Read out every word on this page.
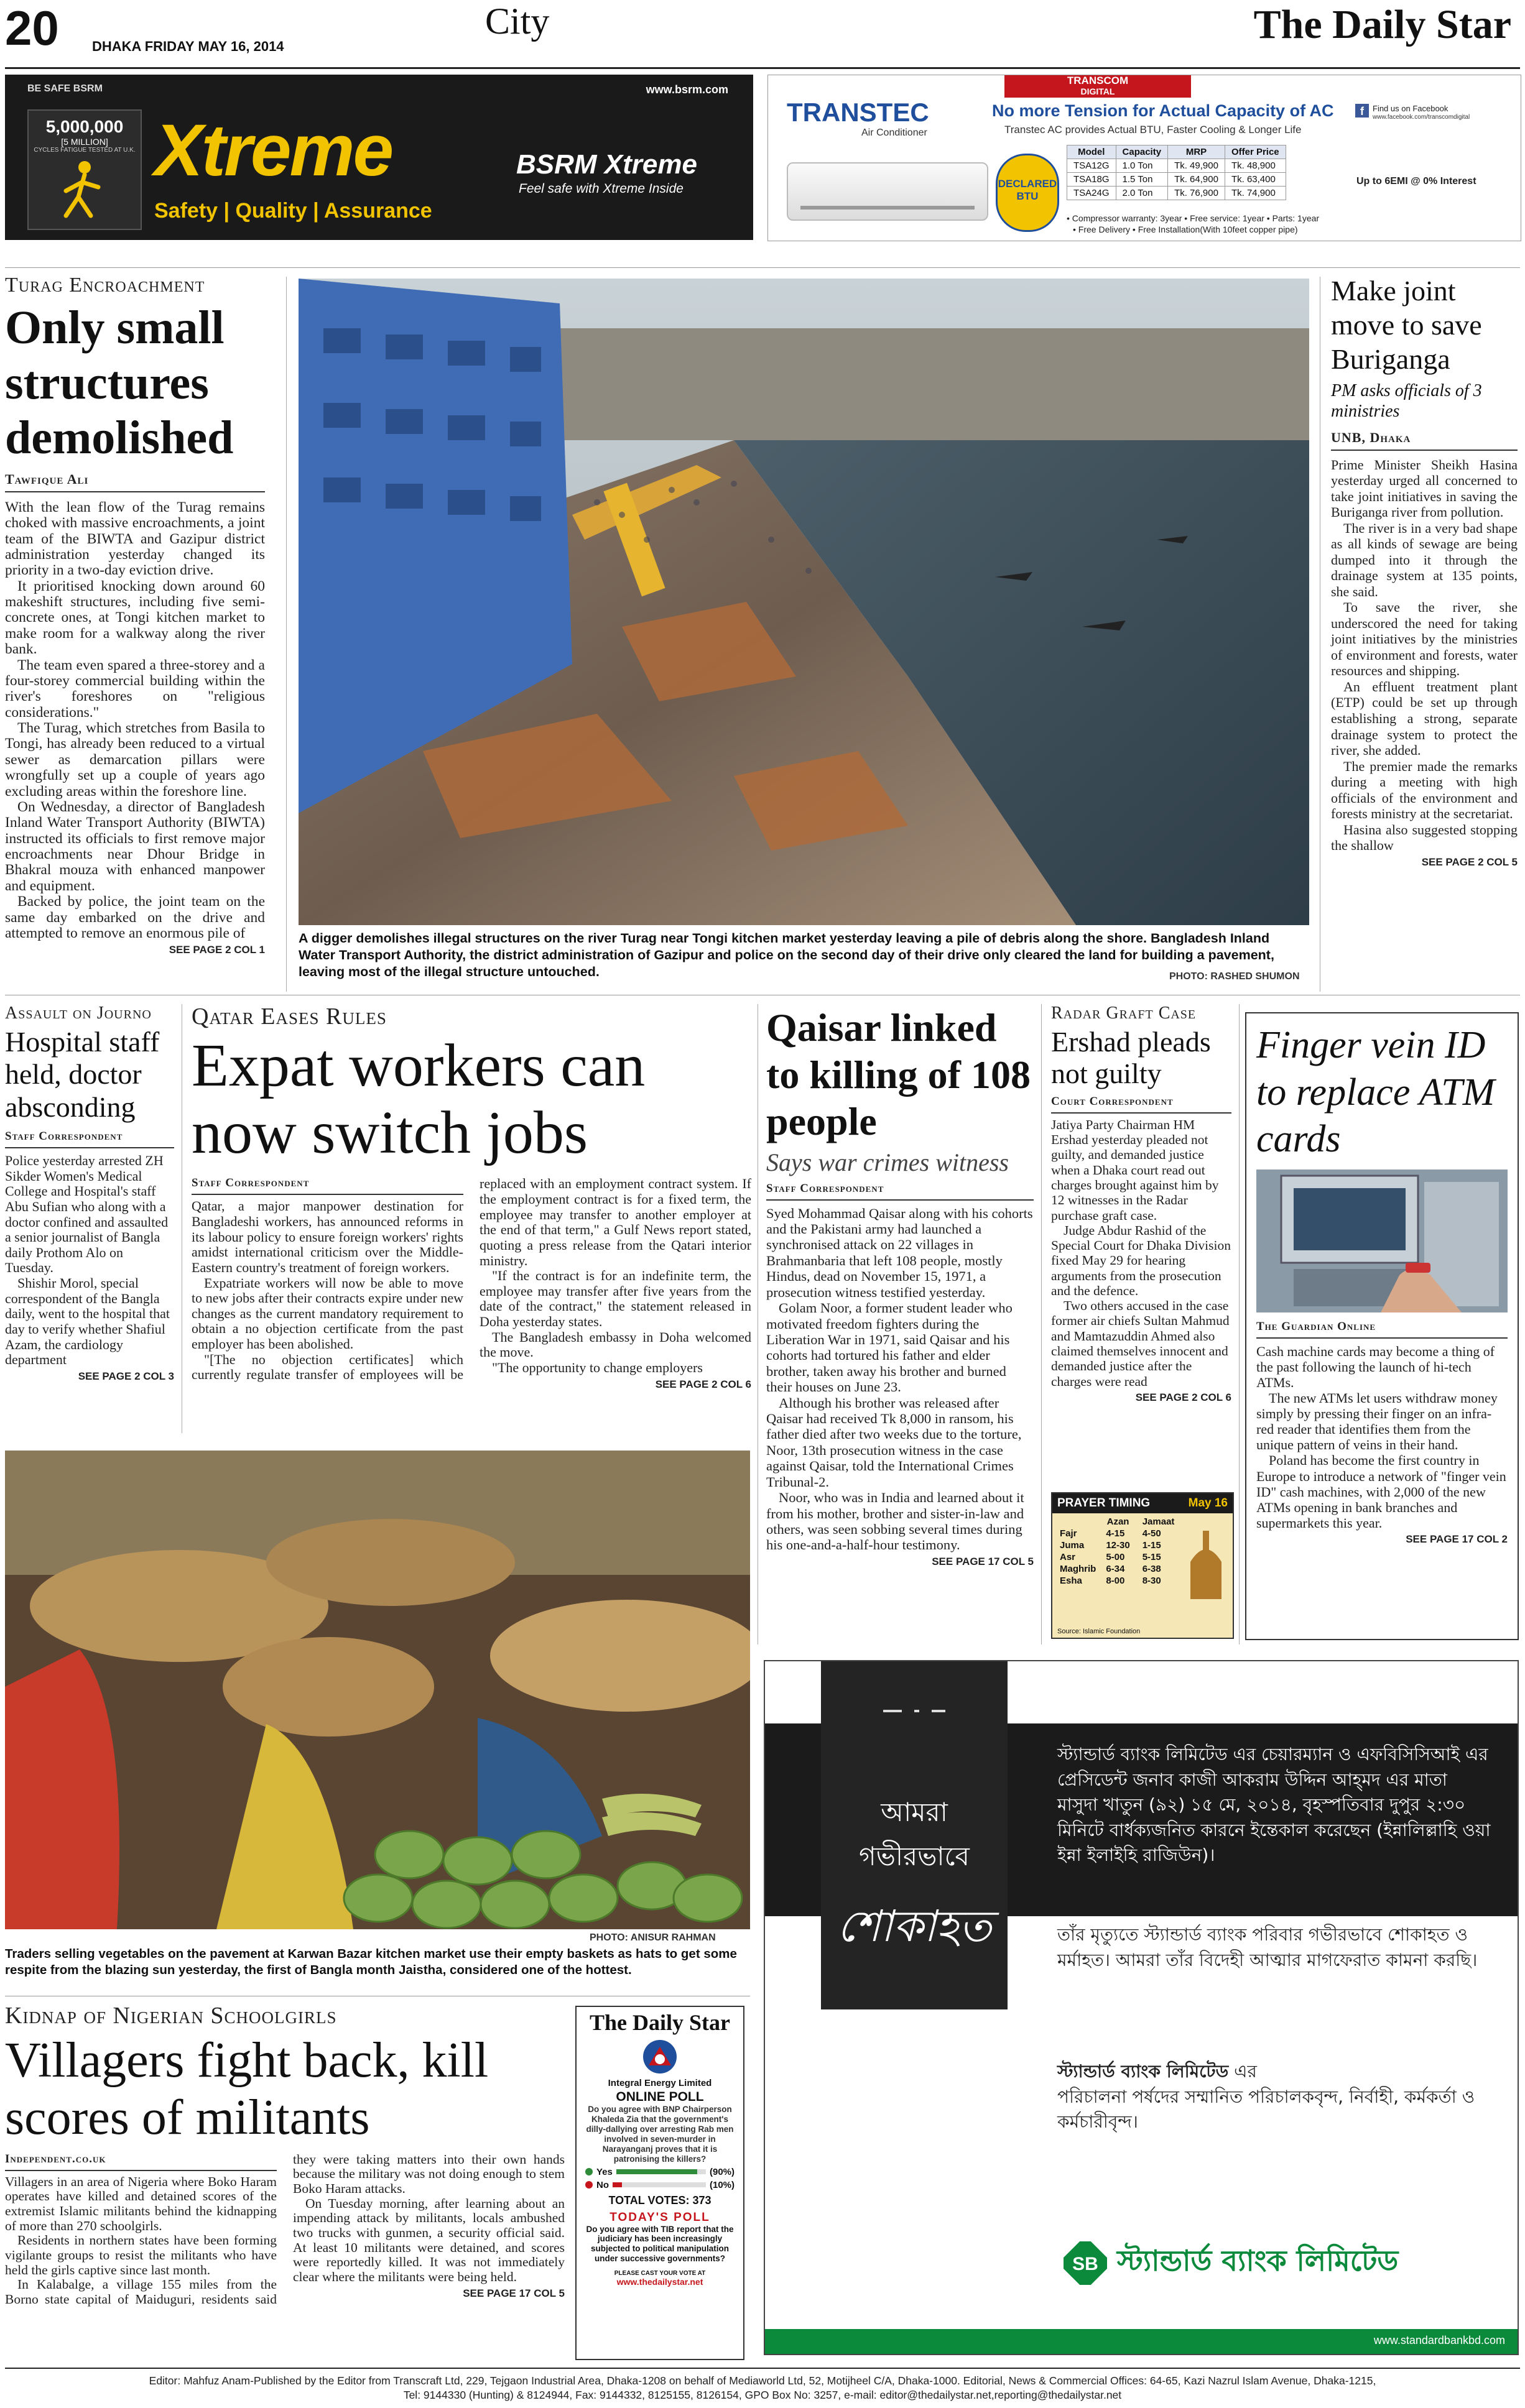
20 DHAKA FRIDAY MAY 16, 2014
City	The Daily Star
BE SAFE BSRM	www.bsrm.com
5,000,000
[5 MILLION]
CYCLES FATIGUE TESTED AT U.K. Xtreme
Safety | Quality | Assurance
BSRM Xtreme
Feel safe with Xtreme Inside
TRANSCOM
DIGITAL
TRANSTEC
Air Conditioner
No more Tension for Actual Capacity of AC
Transtec AC provides Actual BTU, Faster Cooling & Longer Life
DECLARED BTU
Model	Capacity	MRP	Offer Price
TSA12G	1.0 Ton	Tk. 49,900	Tk. 48,900
TSA18G	1.5 Ton	Tk. 64,900	Tk. 63,400
TSA24G	2.0 Ton	Tk. 76,900	Tk. 74,900
• Compressor warranty: 3year • Free service: 1year • Parts: 1year
• Free Delivery • Free Installation(With 10feet copper pipe)
f	Find us on Facebook
www.facebook.com/transcomdigital
Up to 6EMI @ 0% Interest
Turag Encroachment
Only small structures demolished
Tawfique Ali

With the lean flow of the Turag remains choked with massive encroachments, a joint team of the BIWTA and Gazipur district administration yesterday changed its priority in a two-day eviction drive.

It prioritised knocking down around 60 makeshift structures, including five semi-concrete ones, at Tongi kitchen market to make room for a walkway along the river bank.

The team even spared a three-storey and a four-storey commercial building within the river's foreshores on "religious considerations."

The Turag, which stretches from Basila to Tongi, has already been reduced to a virtual sewer as demarcation pillars were wrongfully set up a couple of years ago excluding areas within the foreshore line.

On Wednesday, a director of Bangladesh Inland Water Transport Authority (BIWTA) instructed its officials to first remove major encroachments near Dhour Bridge in Bhakral mouza with enhanced manpower and equipment.

Backed by police, the joint team on the same day embarked on the drive and attempted to remove an enormous pile of

SEE PAGE 2 COL 1
A digger demolishes illegal structures on the river Turag near Tongi kitchen market yesterday leaving a pile of debris along the shore. Bangladesh Inland Water Transport Authority, the district administration of Gazipur and police on the second day of their drive only cleared the land for building a pavement, leaving most of the illegal structure untouched.	PHOTO: RASHED SHUMON
Make joint move to save Buriganga
PM asks officials of 3 ministries
UNB, Dhaka

Prime Minister Sheikh Hasina yesterday urged all concerned to take joint initiatives in saving the Buriganga river from pollution.

The river is in a very bad shape as all kinds of sewage are being dumped into it through the drainage system at 135 points, she said.

To save the river, she underscored the need for taking joint initiatives by the ministries of environment and forests, water resources and shipping.

An effluent treatment plant (ETP) could be set up through establishing a strong, separate drainage system to protect the river, she added.

The premier made the remarks during a meeting with high officials of the environment and forests ministry at the secretariat.

Hasina also suggested stopping the shallow

SEE PAGE 2 COL 5
Assault on Journo
Hospital staff held, doctor absconding
Staff Correspondent

Police yesterday arrested ZH Sikder Women's Medical College and Hospital's staff Abu Sufian who along with a doctor confined and assaulted a senior journalist of Bangla daily Prothom Alo on Tuesday.

Shishir Morol, special correspondent of the Bangla daily, went to the hospital that day to verify whether Shafiul Azam, the cardiology department

SEE PAGE 2 COL 3
Qatar Eases Rules
Expat workers can now switch jobs
Staff Correspondent

Qatar, a major manpower destination for Bangladeshi workers, has announced reforms in its labour policy to ensure foreign workers' rights amidst international criticism over the Middle-Eastern country's treatment of foreign workers.

Expatriate workers will now be able to move to new jobs after their contracts expire under new changes as the current mandatory requirement to obtain a no objection certificate from the past employer has been abolished.

"[The no objection certificates] which currently regulate transfer of employees will be replaced with an employment contract system. If the employment contract is for a fixed term, the employee may transfer to another employer at the end of that term," a Gulf News report stated, quoting a press release from the Qatari interior ministry.

"If the contract is for an indefinite term, the employee may transfer after five years from the date of the contract," the statement released in Doha yesterday states.

The Bangladesh embassy in Doha welcomed the move.

"The opportunity to change employers

SEE PAGE 2 COL 6
Qaisar linked to killing of 108 people
Says war crimes witness
Staff Correspondent

Syed Mohammad Qaisar along with his cohorts and the Pakistani army had launched a synchronised attack on 22 villages in Brahmanbaria that left 108 people, mostly Hindus, dead on November 15, 1971, a prosecution witness testified yesterday.

Golam Noor, a former student leader who motivated freedom fighters during the Liberation War in 1971, said Qaisar and his cohorts had tortured his father and elder brother, taken away his brother and burned their houses on June 23.

Although his brother was released after Qaisar had received Tk 8,000 in ransom, his father died after two weeks due to the torture, Noor, 13th prosecution witness in the case against Qaisar, told the International Crimes Tribunal-2.

Noor, who was in India and learned about it from his mother, brother and sister-in-law and others, was seen sobbing several times during his one-and-a-half-hour testimony.

SEE PAGE 17 COL 5
Radar Graft Case
Ershad pleads not guilty
Court Correspondent

Jatiya Party Chairman HM Ershad yesterday pleaded not guilty, and demanded justice when a Dhaka court read out charges brought against him by 12 witnesses in the Radar purchase graft case.

Judge Abdur Rashid of the Special Court for Dhaka Division fixed May 29 for hearing arguments from the prosecution and the defence.

Two others accused in the case former air chiefs Sultan Mahmud and Mamtazuddin Ahmed also claimed themselves innocent and demanded justice after the charges were read

SEE PAGE 2 COL 6
PRAYER TIMING	May 16
	Azan	Jamaat
Fajr	4-15	4-50
Juma	12-30	1-15
Asr	5-00	5-15
Maghrib	6-34	6-38
Esha	8-00	8-30
Source: Islamic Foundation
Finger vein ID to replace ATM cards
The Guardian Online

Cash machine cards may become a thing of the past following the launch of hi-tech ATMs.

The new ATMs let users withdraw money simply by pressing their finger on an infra-red reader that identifies them from the unique pattern of veins in their hand.

Poland has become the first country in Europe to introduce a network of "finger vein ID" cash machines, with 2,000 of the new ATMs opening in bank branches and supermarkets this year.

SEE PAGE 17 COL 2
PHOTO: ANISUR RAHMAN
Traders selling vegetables on the pavement at Karwan Bazar kitchen market use their empty baskets as hats to get some respite from the blazing sun yesterday, the first of Bangla month Jaistha, considered one of the hottest.
Kidnap of Nigerian Schoolgirls
Villagers fight back, kill scores of militants
Independent.co.uk

Villagers in an area of Nigeria where Boko Haram operates have killed and detained scores of the extremist Islamic militants behind the kidnapping of more than 270 schoolgirls.

Residents in northern states have been forming vigilante groups to resist the militants who have held the girls captive since last month.

In Kalabalge, a village 155 miles from the Borno state capital of Maiduguri, residents said they were taking matters into their own hands because the military was not doing enough to stem Boko Haram attacks.

On Tuesday morning, after learning about an impending attack by militants, locals ambushed two trucks with gunmen, a security official said. At least 10 militants were detained, and scores were reportedly killed. It was not immediately clear where the militants were being held.

SEE PAGE 17 COL 5
The Daily Star
Integral Energy Limited
ONLINE POLL
Do you agree with BNP Chairperson Khaleda Zia that the government's dilly-dallying over arresting Rab men involved in seven-murder in Narayanganj proves that it is patronising the killers?
Yes	(90%)
No	(10%)
TOTAL VOTES: 373
TODAY'S POLL
Do you agree with TIB report that the judiciary has been increasingly subjected to political manipulation under successive governments?
PLEASE CAST YOUR VOTE AT
www.thedailystar.net
আমরা
গভীরভাবে
শোকাহত
স্ট্যান্ডার্ড ব্যাংক লিমিটেড এর চেয়ারম্যান ও এফবিসিসিআই এর প্রেসিডেন্ট জনাব কাজী আকরাম উদ্দিন আহ্‌মদ এর মাতা মাসুদা খাতুন (৯২) ১৫ মে, ২০১৪, বৃহস্পতিবার দুপুর ২:৩০ মিনিটে বার্ধক্যজনিত কারনে ইন্তেকাল করেছেন (ইন্নালিল্লাহি ওয়া ইন্না ইলাইহি রাজিউন)।
তাঁর মৃত্যুতে স্ট্যান্ডার্ড ব্যাংক পরিবার গভীরভাবে শোকাহত ও মর্মাহত। আমরা তাঁর বিদেহী আত্মার মাগফেরাত কামনা করছি।
স্ট্যান্ডার্ড ব্যাংক লিমিটেড এর
পরিচালনা পর্ষদের সম্মানিত পরিচালকবৃন্দ, নির্বাহী, কর্মকর্তা ও কর্মচারীবৃন্দ।
SB স্ট্যান্ডার্ড ব্যাংক লিমিটেড
www.standardbankbd.com
Editor: Mahfuz Anam-Published by the Editor from Transcraft Ltd, 229, Tejgaon Industrial Area, Dhaka-1208 on behalf of Mediaworld Ltd, 52, Motijheel C/A, Dhaka-1000. Editorial, News & Commercial Offices: 64-65, Kazi Nazrul Islam Avenue, Dhaka-1215,
Tel: 9144330 (Hunting) & 8124944, Fax: 9144332, 8125155, 8126154, GPO Box No: 3257, e-mail: editor@thedailystar.net,reporting@thedailystar.net
